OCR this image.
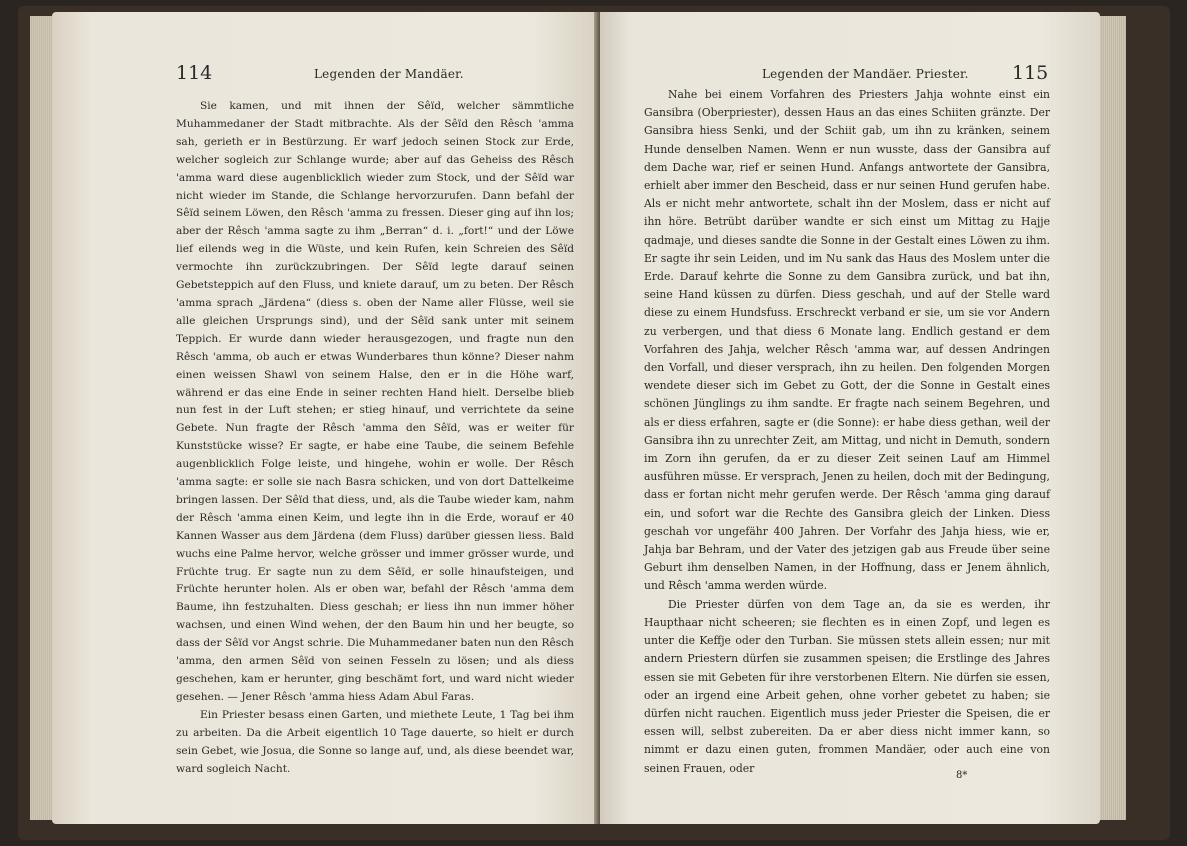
114	Legenden der Mandäer.

Sie kamen, und mit ihnen der Sêïd, welcher sämmtliche Muhammedaner der Stadt mitbrachte. Als der Sêïd den Rêsch 'amma sah, gerieth er in Bestürzung. Er warf jedoch seinen Stock zur Erde, welcher sogleich zur Schlange wurde; aber auf das Geheiss des Rêsch 'amma ward diese augenblicklich wieder zum Stock, und der Sêïd war nicht wieder im Stande, die Schlange hervorzurufen. Dann befahl der Sêïd seinem Löwen, den Rêsch 'amma zu fressen. Dieser ging auf ihn los; aber der Rêsch 'amma sagte zu ihm „Berran“ d. i. „fort!“ und der Löwe lief eilends weg in die Wüste, und kein Rufen, kein Schreien des Sêïd vermochte ihn zurückzubringen. Der Sêïd legte darauf seinen Gebetsteppich auf den Fluss, und kniete darauf, um zu beten. Der Rêsch 'amma sprach „Järdena“ (diess s. oben der Name aller Flüsse, weil sie alle gleichen Ursprungs sind), und der Sêïd sank unter mit seinem Teppich. Er wurde dann wieder herausgezogen, und fragte nun den Rêsch 'amma, ob auch er etwas Wunderbares thun könne? Dieser nahm einen weissen Shawl von seinem Halse, den er in die Höhe warf, während er das eine Ende in seiner rechten Hand hielt. Derselbe blieb nun fest in der Luft stehen; er stieg hinauf, und verrichtete da seine Gebete. Nun fragte der Rêsch 'amma den Sêïd, was er weiter für Kunststücke wisse? Er sagte, er habe eine Taube, die seinem Befehle augenblicklich Folge leiste, und hingehe, wohin er wolle. Der Rêsch 'amma sagte: er solle sie nach Basra schicken, und von dort Dattelkeime bringen lassen. Der Sêïd that diess, und, als die Taube wieder kam, nahm der Rêsch 'amma einen Keim, und legte ihn in die Erde, worauf er 40 Kannen Wasser aus dem Järdena (dem Fluss) darüber giessen liess. Bald wuchs eine Palme hervor, welche grösser und immer grösser wurde, und Früchte trug. Er sagte nun zu dem Sêïd, er solle hinaufsteigen, und Früchte herunter holen. Als er oben war, befahl der Rêsch 'amma dem Baume, ihn festzuhalten. Diess geschah; er liess ihn nun immer höher wachsen, und einen Wind wehen, der den Baum hin und her beugte, so dass der Sêïd vor Angst schrie. Die Muhammedaner baten nun den Rêsch 'amma, den armen Sêïd von seinen Fesseln zu lösen; und als diess geschehen, kam er herunter, ging beschämt fort, und ward nicht wieder gesehen. — Jener Rêsch 'amma hiess Adam Abul Faras.

Ein Priester besass einen Garten, und miethete Leute, 1 Tag bei ihm zu arbeiten. Da die Arbeit eigentlich 10 Tage dauerte, so hielt er durch sein Gebet, wie Josua, die Sonne so lange auf, und, als diese beendet war, ward sogleich Nacht.

Legenden der Mandäer. Priester. 115

Nahe bei einem Vorfahren des Priesters Jahja wohnte einst ein Gansibra (Oberpriester), dessen Haus an das eines Schiiten gränzte. Der Gansibra hiess Senki, und der Schiit gab, um ihn zu kränken, seinem Hunde denselben Namen. Wenn er nun wusste, dass der Gansibra auf dem Dache war, rief er seinen Hund. Anfangs antwortete der Gansibra, erhielt aber immer den Bescheid, dass er nur seinen Hund gerufen habe. Als er nicht mehr antwortete, schalt ihn der Moslem, dass er nicht auf ihn höre. Betrübt darüber wandte er sich einst um Mittag zu Hajje qadmaje, und dieses sandte die Sonne in der Gestalt eines Löwen zu ihm. Er sagte ihr sein Leiden, und im Nu sank das Haus des Moslem unter die Erde. Darauf kehrte die Sonne zu dem Gansibra zurück, und bat ihn, seine Hand küssen zu dürfen. Diess geschah, und auf der Stelle ward diese zu einem Hundsfuss. Erschreckt verband er sie, um sie vor Andern zu verbergen, und that diess 6 Monate lang. Endlich gestand er dem Vorfahren des Jahja, welcher Rêsch 'amma war, auf dessen Andringen den Vorfall, und dieser versprach, ihn zu heilen. Den folgenden Morgen wendete dieser sich im Gebet zu Gott, der die Sonne in Gestalt eines schönen Jünglings zu ihm sandte. Er fragte nach seinem Begehren, und als er diess erfahren, sagte er (die Sonne): er habe diess gethan, weil der Gansibra ihn zu unrechter Zeit, am Mittag, und nicht in Demuth, sondern im Zorn ihn gerufen, da er zu dieser Zeit seinen Lauf am Himmel ausführen müsse. Er versprach, Jenen zu heilen, doch mit der Bedingung, dass er fortan nicht mehr gerufen werde. Der Rêsch 'amma ging darauf ein, und sofort war die Rechte des Gansibra gleich der Linken. Diess geschah vor ungefähr 400 Jahren. Der Vorfahr des Jahja hiess, wie er, Jahja bar Behram, und der Vater des jetzigen gab aus Freude über seine Geburt ihm denselben Namen, in der Hoffnung, dass er Jenem ähnlich, und Rêsch 'amma werden würde.

Die Priester dürfen von dem Tage an, da sie es werden, ihr Haupthaar nicht scheeren; sie flechten es in einen Zopf, und legen es unter die Keffje oder den Turban. Sie müssen stets allein essen; nur mit andern Priestern dürfen sie zusammen speisen; die Erstlinge des Jahres essen sie mit Gebeten für ihre verstorbenen Eltern. Nie dürfen sie essen, oder an irgend eine Arbeit gehen, ohne vorher gebetet zu haben; sie dürfen nicht rauchen. Eigentlich muss jeder Priester die Speisen, die er essen will, selbst zubereiten. Da er aber diess nicht immer kann, so nimmt er dazu einen guten, frommen Mandäer, oder auch eine von seinen Frauen, oder

8*
